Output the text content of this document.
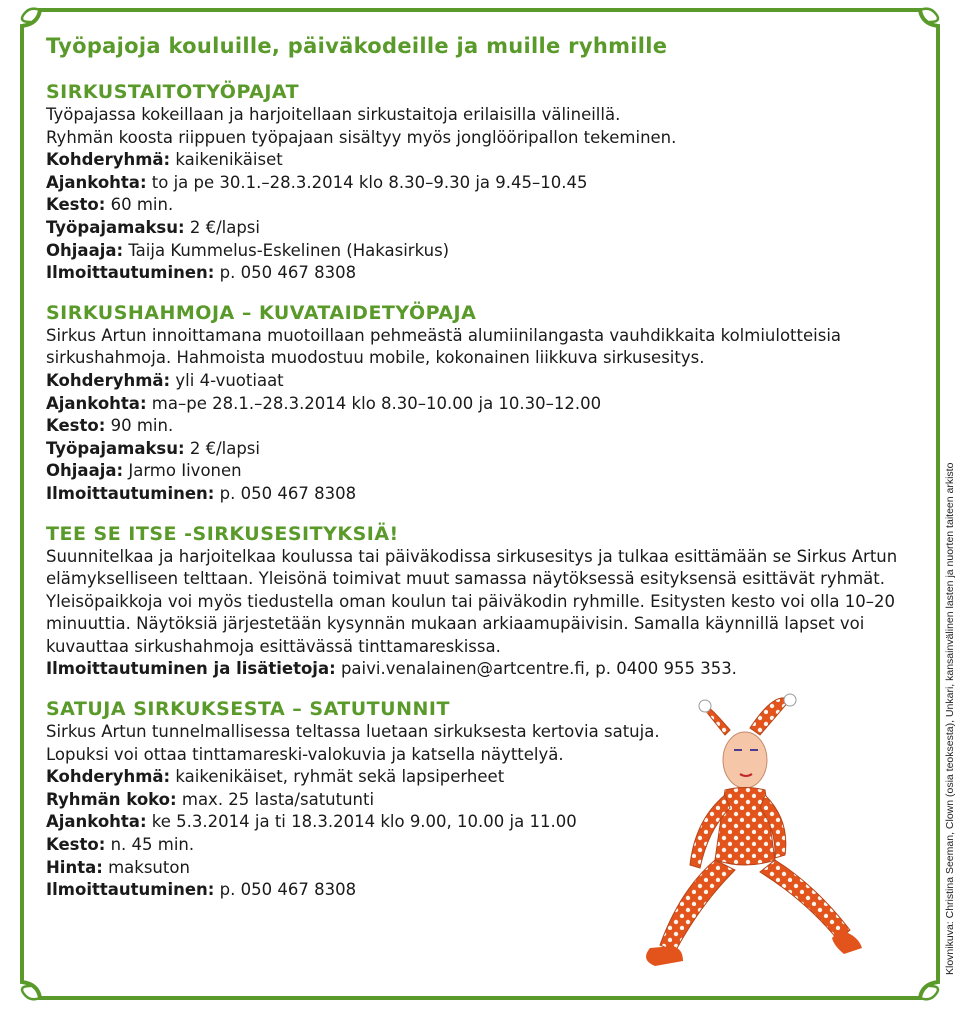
Työpajoja kouluille, päiväkodeille ja muille ryhmille
SIRKUSTAITOTYÖPAJAT
Työpajassa kokeillaan ja harjoitellaan sirkustaitoja erilaisilla välineillä.
Ryhmän koosta riippuen työpajaan sisältyy myös jonglööripallon tekeminen.
Kohderyhmä: kaikenikäiset
Ajankohta: to ja pe 30.1.–28.3.2014 klo 8.30–9.30 ja 9.45–10.45
Kesto: 60 min.
Työpajamaksu: 2 €/lapsi
Ohjaaja: Taija Kummelus-Eskelinen (Hakasirkus)
Ilmoittautuminen: p. 050 467 8308
SIRKUSHAHMOJA – KUVATAIDETYÖPAJA
Sirkus Artun innoittamana muotoillaan pehmeästä alumiinilangasta vauhdikkaita kolmiulotteisia
sirkushahmoja. Hahmoista muodostuu mobile, kokonainen liikkuva sirkusesitys.
Kohderyhmä: yli 4-vuotiaat
Ajankohta: ma–pe 28.1.–28.3.2014 klo 8.30–10.00 ja 10.30–12.00
Kesto: 90 min.
Työpajamaksu: 2 €/lapsi
Ohjaaja: Jarmo Iivonen
Ilmoittautuminen: p. 050 467 8308
TEE SE ITSE -SIRKUSESITYKSIÄ!
Suunnitelkaa ja harjoitelkaa koulussa tai päiväkodissa sirkusesitys ja tulkaa esittämään se Sirkus Artun elämykselliseen telttaan. Yleisönä toimivat muut samassa näytöksessä esityksensä esittävät ryhmät. Yleisöpaikkoja voi myös tiedustella oman koulun tai päiväkodin ryhmille. Esitysten kesto voi olla 10–20 minuuttia. Näytöksiä järjestetään kysynnän mukaan arkiaamupäivisin. Samalla käynnillä lapset voi kuvauttaa sirkushahmoja esittävässä tinttamareskissa.
Ilmoittautuminen ja lisätietoja: paivi.venalainen@artcentre.fi, p. 0400 955 353.
SATUJA SIRKUKSESTA – SATUTUNNIT
Sirkus Artun tunnelmallisessa teltassa luetaan sirkuksesta kertovia satuja.
Lopuksi voi ottaa tinttamareski-valokuvia ja katsella näyttelyä.
Kohderyhmä: kaikenikäiset, ryhmät sekä lapsiperheet
Ryhmän koko: max. 25 lasta/satutunti
Ajankohta: ke 5.3.2014 ja ti 18.3.2014 klo 9.00, 10.00 ja 11.00
Kesto: n. 45 min.
Hinta: maksuton
Ilmoittautuminen: p. 050 467 8308	Klovnikuva: Christina Seeman, Clown (osia teoksesta), Unkari, kansainvälinen lasten ja nuorten taiteen arkisto
